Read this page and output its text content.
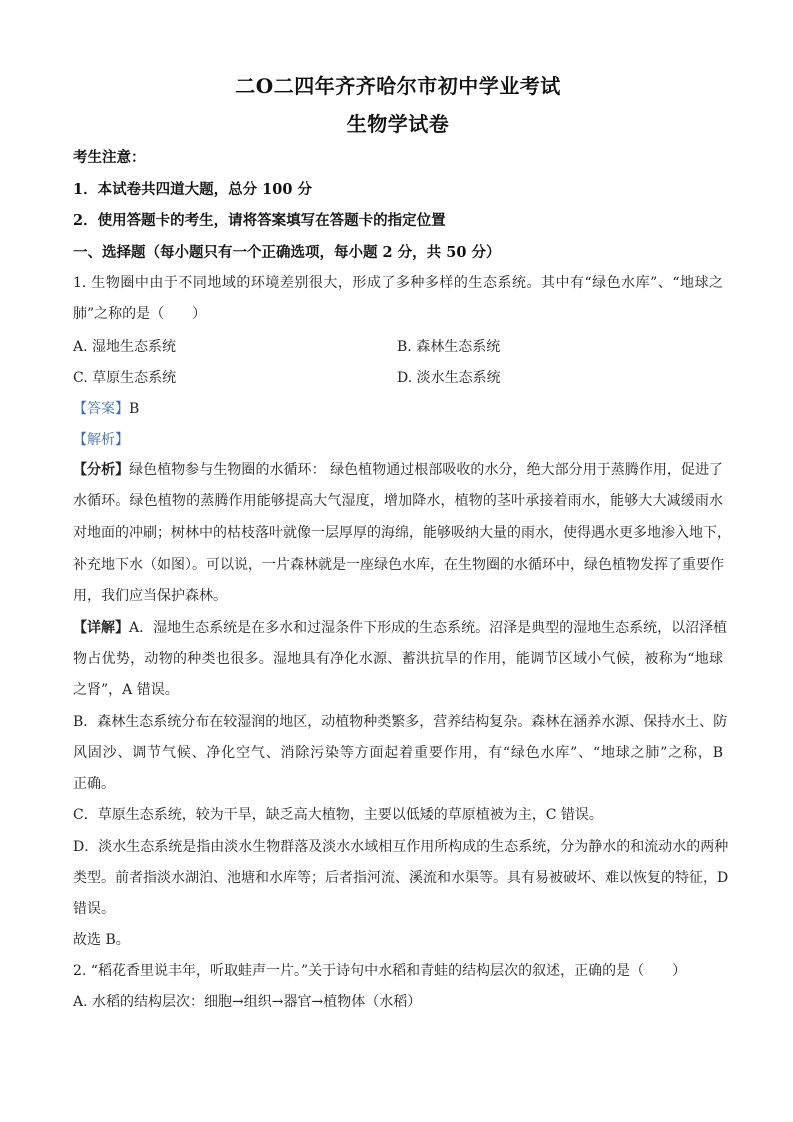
二O二四年齐齐哈尔市初中学业考试
生物学试卷
考生注意：
1．本试卷共四道大题，总分 100 分
2．使用答题卡的考生，请将答案填写在答题卡的指定位置
一、选择题（每小题只有一个正确选项，每小题 2 分，共 50 分）
1. 生物圈中由于不同地域的环境差别很大，形成了多种多样的生态系统。其中有“绿色水库”、“地球之
肺”之称的是（　　）
A. 湿地生态系统	B. 森林生态系统
C. 草原生态系统	D. 淡水生态系统
【答案】B
【解析】
【分析】绿色植物参与生物圈的水循环： 绿色植物通过根部吸收的水分，绝大部分用于蒸腾作用，促进了
水循环。绿色植物的蒸腾作用能够提高大气湿度，增加降水，植物的茎叶承接着雨水，能够大大减缓雨水
对地面的冲刷；树林中的枯枝落叶就像一层厚厚的海绵，能够吸纳大量的雨水，使得遇水更多地渗入地下，
补充地下水（如图）。可以说，一片森林就是一座绿色水库，在生物圈的水循环中，绿色植物发挥了重要作
用，我们应当保护森林。
【详解】A．湿地生态系统是在多水和过湿条件下形成的生态系统。沼泽是典型的湿地生态系统，以沼泽植
物占优势，动物的种类也很多。湿地具有净化水源、蓄洪抗旱的作用，能调节区域小气候，被称为“地球
之肾”，A 错误。
B．森林生态系统分布在较湿润的地区，动植物种类繁多，营养结构复杂。森林在涵养水源、保持水土、防
风固沙、调节气候、净化空气、消除污染等方面起着重要作用，有“绿色水库”、“地球之肺”之称，B
正确。
C．草原生态系统，较为干旱，缺乏高大植物，主要以低矮的草原植被为主，C 错误。
D．淡水生态系统是指由淡水生物群落及淡水水域相互作用所构成的生态系统，分为静水的和流动水的两种
类型。前者指淡水湖泊、池塘和水库等；后者指河流、溪流和水渠等。具有易被破坏、难以恢复的特征，D
错误。
故选 B。
2. “稻花香里说丰年，听取蛙声一片。”关于诗句中水稻和青蛙的结构层次的叙述，正确的是（　　）
A. 水稻的结构层次：细胞→组织→器官→植物体（水稻）
